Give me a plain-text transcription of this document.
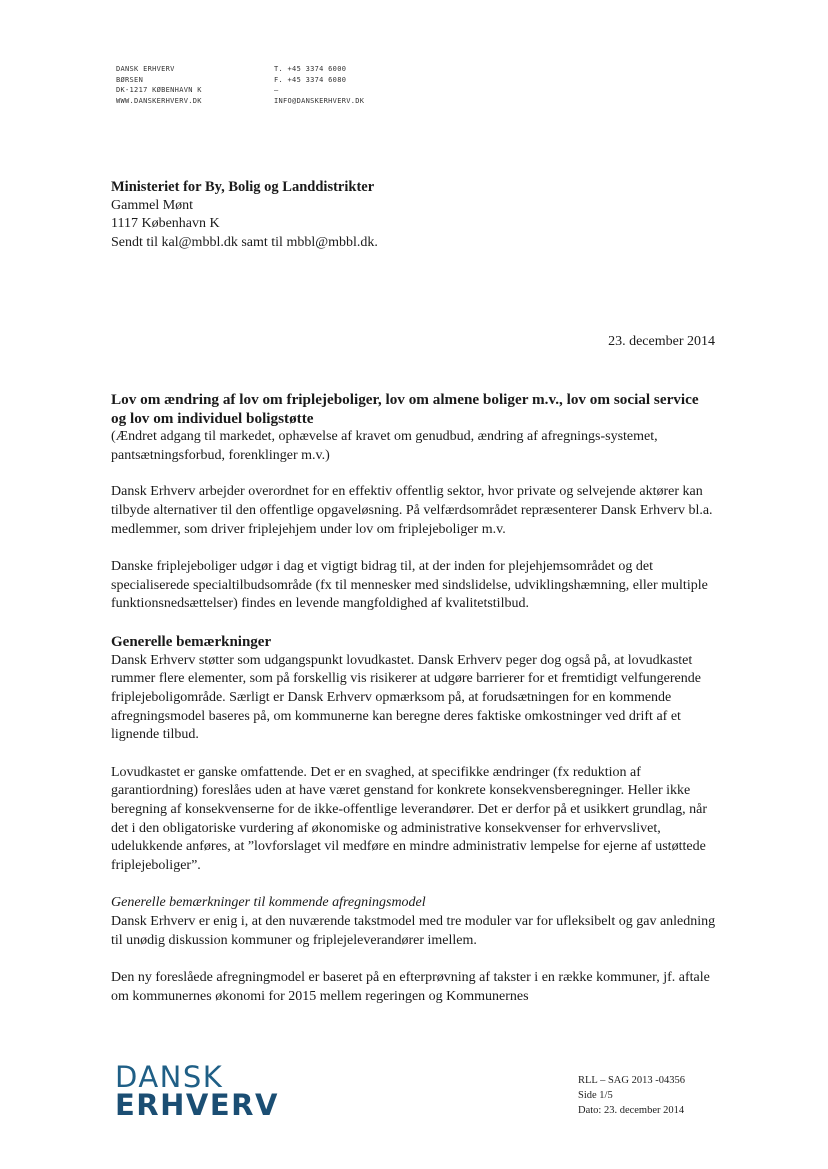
DANSK ERHVERV
BØRSEN
DK-1217 KØBENHAVN K
WWW.DANSKERHVERV.DK
T. +45 3374 6000
F. +45 3374 6080
–
INFO@DANSKERHVERV.DK
Ministeriet for By, Bolig og Landdistrikter
Gammel Mønt
1117 København K
Sendt til kal@mbbl.dk samt til mbbl@mbbl.dk.
23. december 2014

Lov om ændring af lov om friplejeboliger, lov om almene boliger m.v., lov om social service og lov om individuel boligstøtte

(Ændret adgang til markedet, ophævelse af kravet om genudbud, ændring af afregnings-systemet, pantsætningsforbud, forenklinger m.v.)

Dansk Erhverv arbejder overordnet for en effektiv offentlig sektor, hvor private og selvejende aktører kan tilbyde alternativer til den offentlige opgaveløsning. På velfærdsområdet repræsenterer Dansk Erhverv bl.a. medlemmer, som driver friplejehjem under lov om friplejeboliger m.v.

Danske friplejeboliger udgør i dag et vigtigt bidrag til, at der inden for plejehjemsområdet og det specialiserede specialtilbudsområde (fx til mennesker med sindslidelse, udviklingshæmning, eller multiple funktionsnedsættelser) findes en levende mangfoldighed af kvalitetstilbud.

Generelle bemærkninger

Dansk Erhverv støtter som udgangspunkt lovudkastet. Dansk Erhverv peger dog også på, at lovudkastet rummer flere elementer, som på forskellig vis risikerer at udgøre barrierer for et fremtidigt velfungerende friplejeboligområde. Særligt er Dansk Erhverv opmærksom på, at forudsætningen for en kommende afregningsmodel baseres på, om kommunerne kan beregne deres faktiske omkostninger ved drift af et lignende tilbud.

Lovudkastet er ganske omfattende. Det er en svaghed, at specifikke ændringer (fx reduktion af garantiordning) foreslåes uden at have været genstand for konkrete konsekvensberegninger. Heller ikke beregning af konsekvenserne for de ikke-offentlige leverandører. Det er derfor på et usikkert grundlag, når det i den obligatoriske vurdering af økonomiske og administrative konsekvenser for erhvervslivet, udelukkende anføres, at ”lovforslaget vil medføre en mindre administrativ lempelse for ejerne af ustøttede friplejeboliger”.

Generelle bemærkninger til kommende afregningsmodel

Dansk Erhverv er enig i, at den nuværende takstmodel med tre moduler var for ufleksibelt og gav anledning til unødig diskussion kommuner og friplejeleverandører imellem.

Den ny foreslåede afregningmodel er baseret på en efterprøvning af takster i en række kommuner, jf. aftale om kommunernes økonomi for 2015 mellem regeringen og Kommunernes

DANSK
ERHVERV
RLL – SAG 2013 -04356
Side 1/5
Dato: 23. december 2014
